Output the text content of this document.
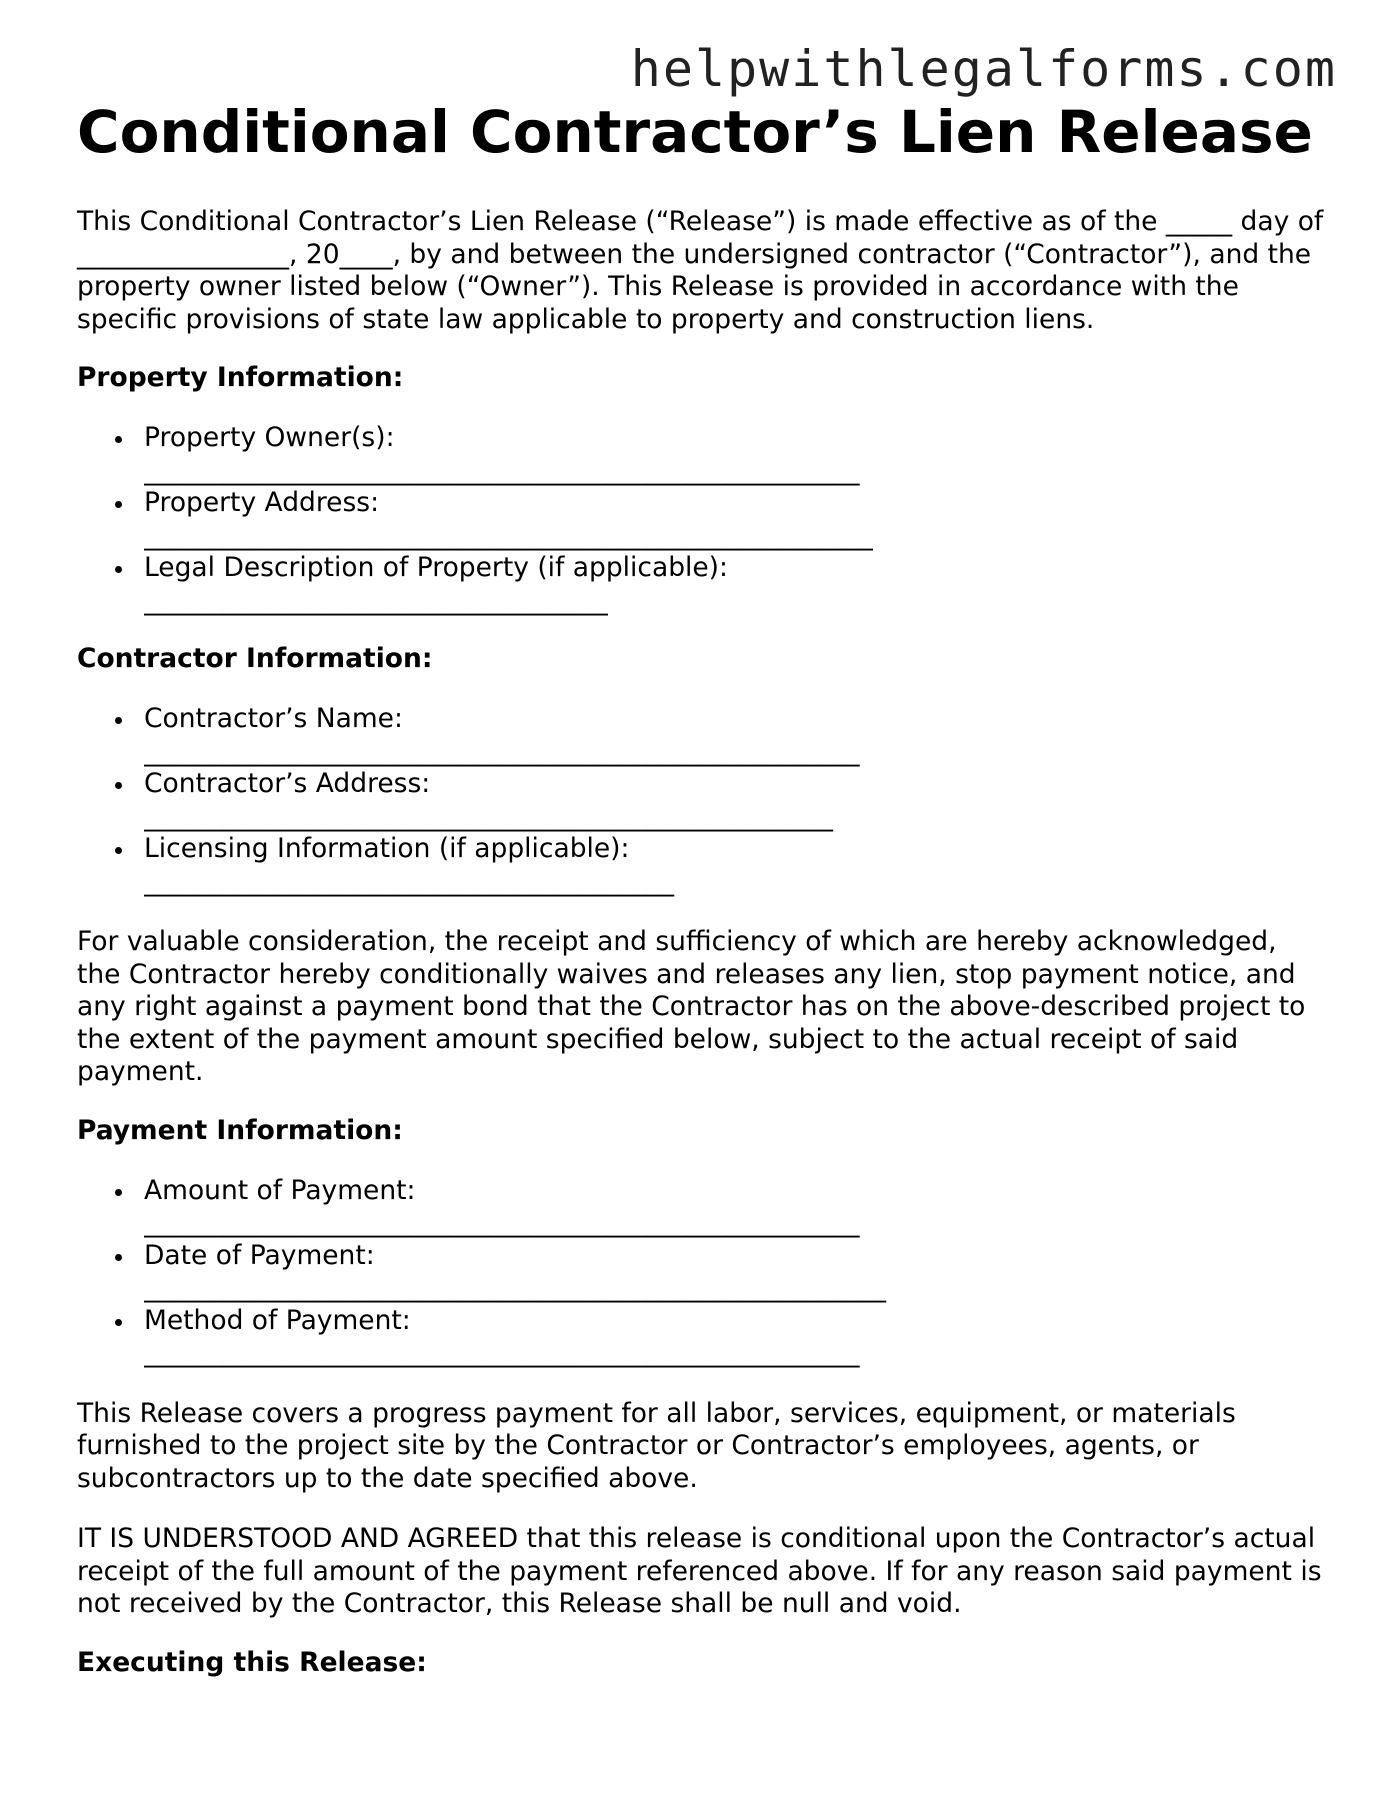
helpwithlegalforms.com
Conditional Contractor’s Lien Release

This Conditional Contractor’s Lien Release (“Release”) is made effective as of the _____ day of ________________, 20____, by and between the undersigned contractor (“Contractor”), and the property owner listed below (“Owner”). This Release is provided in accordance with the specific provisions of state law applicable to property and construction liens.

Property Information:
Property Owner(s):
______________________________________________________
Property Address:
_______________________________________________________
Legal Description of Property (if applicable):
___________________________________
Contractor Information:
Contractor’s Name:
______________________________________________________
Contractor’s Address:
____________________________________________________
Licensing Information (if applicable):
________________________________________

For valuable consideration, the receipt and sufficiency of which are hereby acknowledged, the Contractor hereby conditionally waives and releases any lien, stop payment notice, and any right against a payment bond that the Contractor has on the above-described project to the extent of the payment amount specified below, subject to the actual receipt of said payment.

Payment Information:
Amount of Payment:
______________________________________________________
Date of Payment:
________________________________________________________
Method of Payment:
______________________________________________________

This Release covers a progress payment for all labor, services, equipment, or materials furnished to the project site by the Contractor or Contractor’s employees, agents, or subcontractors up to the date specified above.

IT IS UNDERSTOOD AND AGREED that this release is conditional upon the Contractor’s actual receipt of the full amount of the payment referenced above. If for any reason said payment is not received by the Contractor, this Release shall be null and void.

Executing this Release:
